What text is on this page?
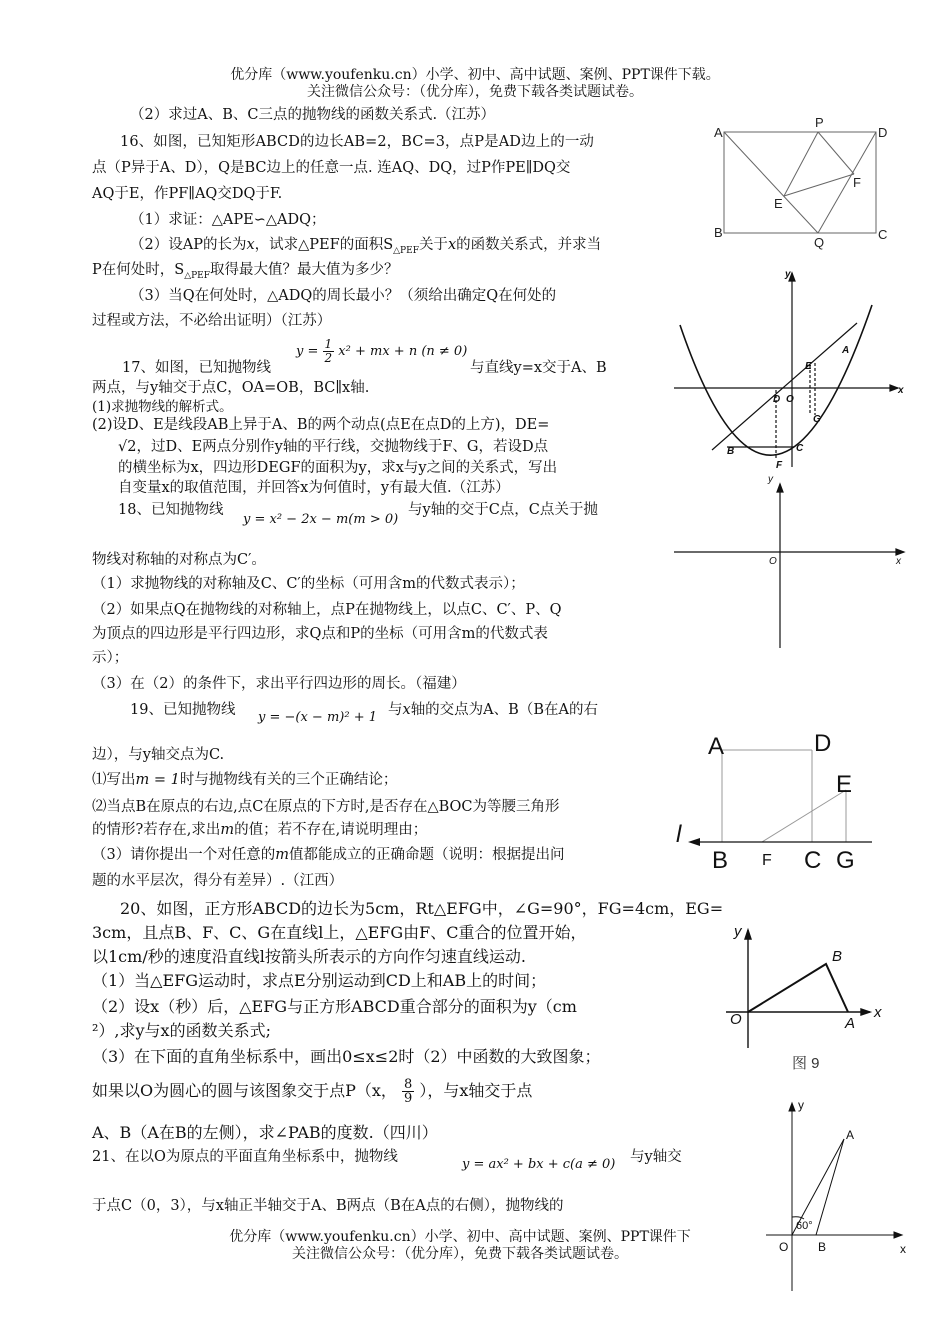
优分库（www.youfenku.cn）小学、初中、高中试题、案例、PPT课件下载。
关注微信公众号：（优分库），免费下载各类试题试卷。
（2）求过A、B、C三点的抛物线的函数关系式.（江苏）
16、如图，已知矩形ABCD的边长AB=2，BC=3，点P是AD边上的一动
点（P异于A、D），Q是BC边上的任意一点. 连AQ、DQ，过P作PE∥DQ交
AQ于E，作PF∥AQ交DQ于F.
（1）求证：△APE∽△ADQ；
（2）设AP的长为x，试求△PEF的面积$S_{\triangle PEF}$关于x的函数关系式，并求当
P在何处时，$S_{\triangle PEF}$取得最大值？最大值为多少？
（3）当Q在何处时，△ADQ的周长最小？（须给出确定Q在何处的
过程或方法，不必给出证明）（江苏）
A
P
D
F
E
B
Q
C
17、如图，已知抛物线
$y = \frac{1}{2} x^2$ + mx + n (n ≠ 0)
与直线y=x交于A、B
两点，与y轴交于点C，OA=OB，BC∥x轴.
(1)求抛物线的解析式。
(2)设D、E是线段AB上异于A、B的两个动点(点E在点D的上方)，DE=
√2，过D、E两点分别作y轴的平行线，交抛物线于F、G，若设D点
的横坐标为x，四边形DEGF的面积为y，求x与y之间的关系式，写出
自变量x的取值范围，并回答x为何值时，y有最大值.（江苏）
y
x
A
E
D O
G
B
F
C
18、已知抛物线
y = x² − 2x − m(m > 0)
与y轴的交于C点，C点关于抛
物线对称轴的对称点为C′。
（1）求抛物线的对称轴及C、C′的坐标（可用含m的代数式表示）；
（2）如果点Q在抛物线的对称轴上，点P在抛物线上，以点C、C′、P、Q
为顶点的四边形是平行四边形，求Q点和P的坐标（可用含m的代数式表
示）；
（3）在（2）的条件下，求出平行四边形的周长。（福建）
y
O	x
19、已知抛物线 y = −(x − m)² + 1 与x轴的交点为A、B（B在A的右
边），与y轴交点为C.
⑴写出m = 1时与抛物线有关的三个正确结论；
⑵当点B在原点的右边,点C在原点的下方时,是否存在△BOC为等腰三角形
的情形?若存在,求出m的值；若不存在,请说明理由；
（3）请你提出一个对任意的m值都能成立的正确命题（说明：根据提出问
题的水平层次，得分有差异）.（江西）
A	D
E
l
B F C G
20、如图，正方形ABCD的边长为5cm，Rt△EFG中，∠G=90°，FG=4cm，EG=
3cm，且点B、F、C、G在直线l上，△EFG由F、C重合的位置开始，
以1cm/秒的速度沿直线l按箭头所表示的方向作匀速直线运动.
（1）当△EFG运动时，求点E分别运动到CD上和AB上的时间；
（2）设x（秒）后，△EFG与正方形ABCD重合部分的面积为y（cm
²）,求y与x的函数关系式;
（3）在下面的直角坐标系中，画出0≤x≤2时（2）中函数的大致图象；
如果以O为圆心的圆与该图象交于点P（x， $\frac{8}{9}$ ），与x轴交于点
A、B（A在B的左侧），求∠PAB的度数.（四川）
y
B
O	A
x
图 9
21、在以O为原点的平面直角坐标系中，抛物线	y = ax² + bx + c(a ≠ 0) 与y轴交
于点C（0，3），与x轴正半轴交于A、B两点（B在A点的右侧），抛物线的
y
A
60°
O B	x
优分库（www.youfenku.cn）小学、初中、高中试题、案例、PPT课件下
关注微信公众号：（优分库），免费下载各类试题试卷。
